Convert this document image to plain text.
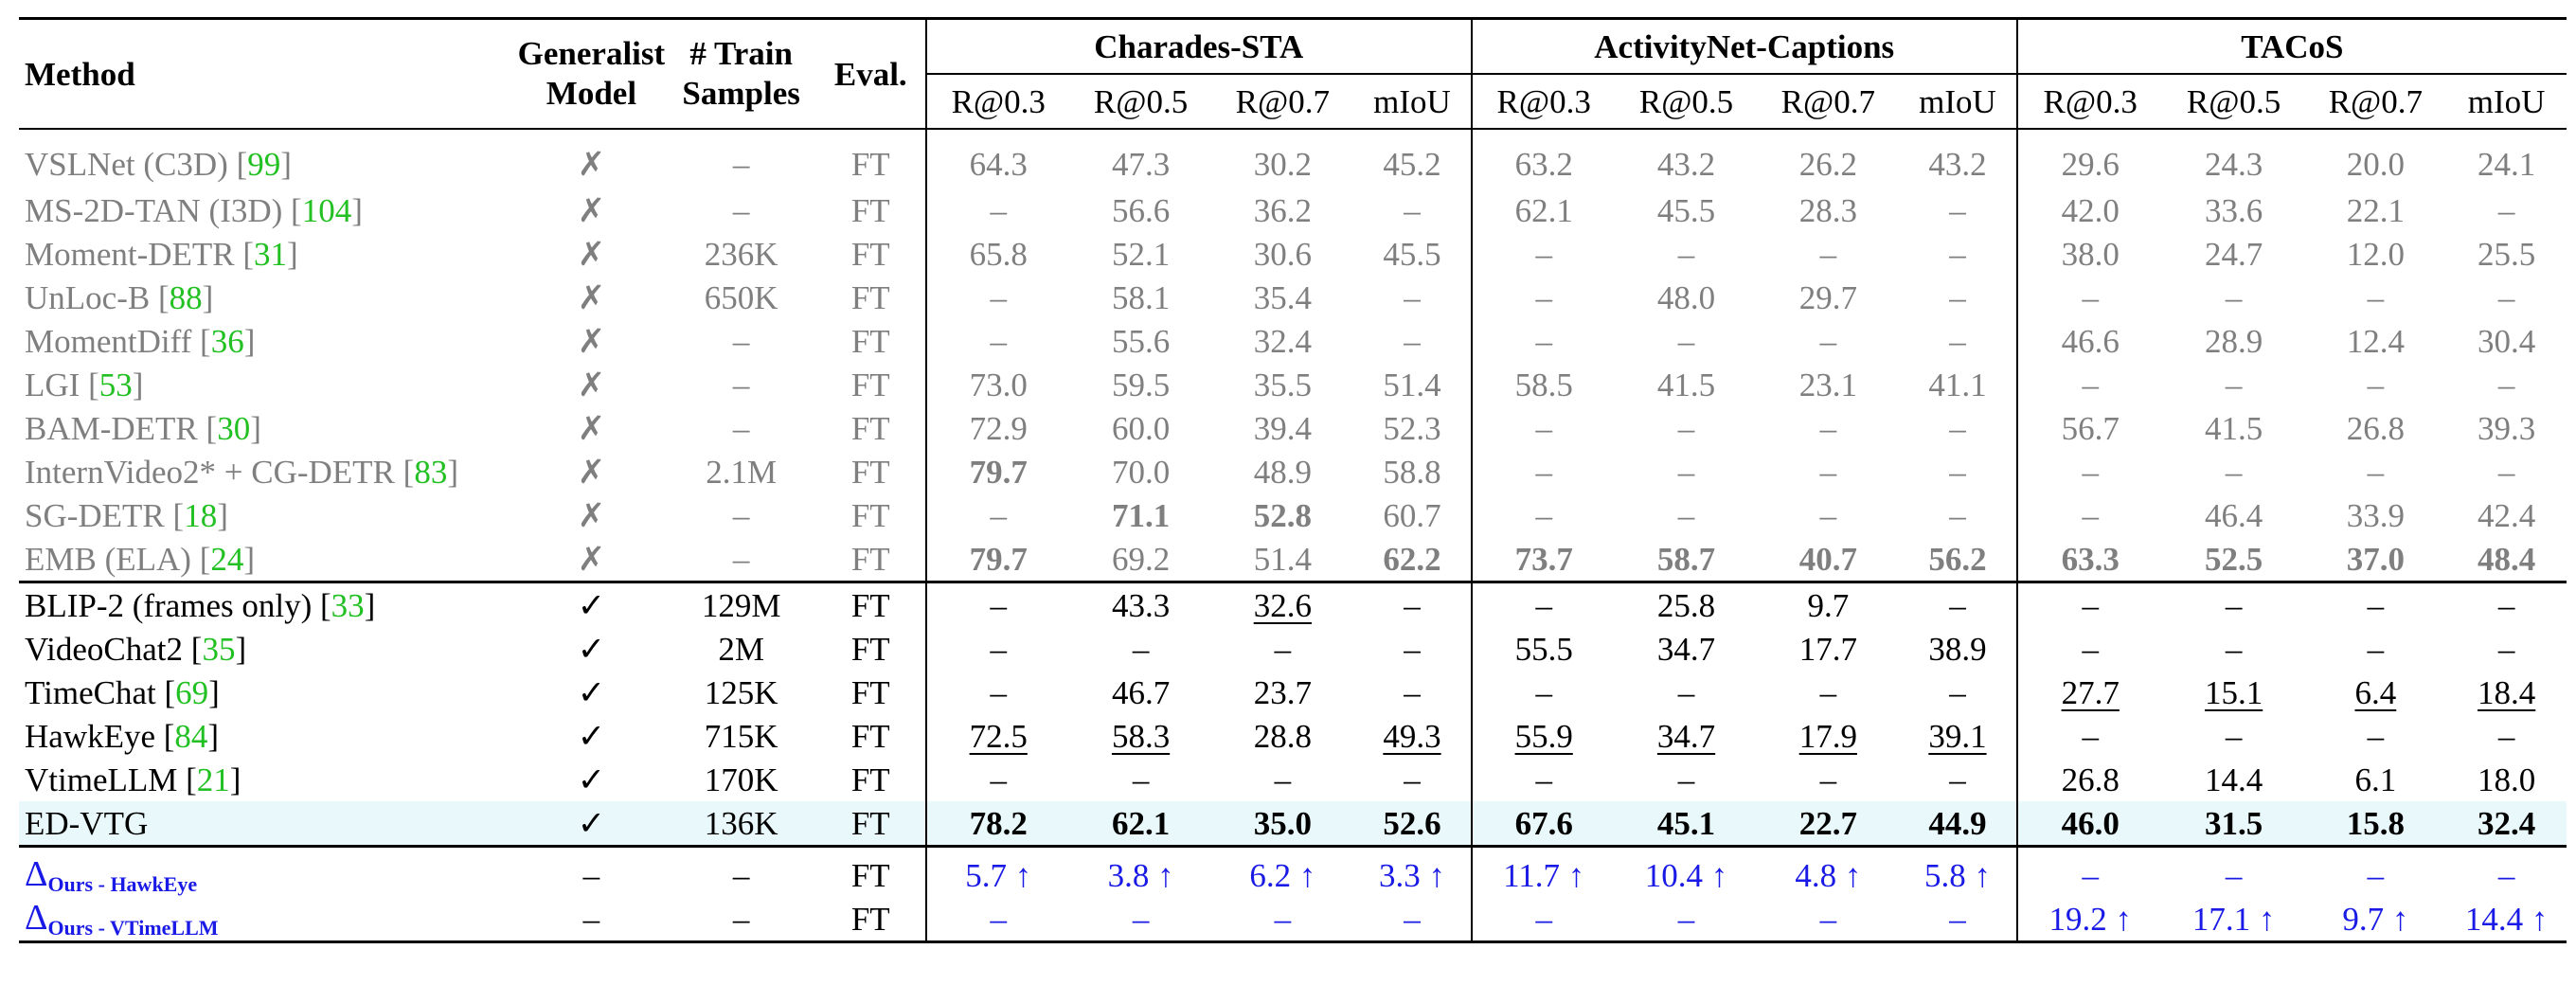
Method	Generalist Model	# Train Samples	Eval.	Charades-STA				ActivityNet-Captions				TACoS			
				R@0.3	R@0.5	R@0.7	mIoU	R@0.3	R@0.5	R@0.7	mIoU	R@0.3	R@0.5	R@0.7	mIoU
VSLNet (C3D) [99]	✗	–	FT	64.3	47.3	30.2	45.2	63.2	43.2	26.2	43.2	29.6	24.3	20.0	24.1
MS-2D-TAN (I3D) [104]	✗	–	FT	–	56.6	36.2	–	62.1	45.5	28.3	–	42.0	33.6	22.1	–
Moment-DETR [31]	✗	236K	FT	65.8	52.1	30.6	45.5	–	–	–	–	38.0	24.7	12.0	25.5
UnLoc-B [88]	✗	650K	FT	–	58.1	35.4	–	–	48.0	29.7	–	–	–	–	–
MomentDiff [36]	✗	–	FT	–	55.6	32.4	–	–	–	–	–	46.6	28.9	12.4	30.4
LGI [53]	✗	–	FT	73.0	59.5	35.5	51.4	58.5	41.5	23.1	41.1	–	–	–	–
BAM-DETR [30]	✗	–	FT	72.9	60.0	39.4	52.3	–	–	–	–	56.7	41.5	26.8	39.3
InternVideo2* + CG-DETR [83]	✗	2.1M	FT	79.7	70.0	48.9	58.8	–	–	–	–	–	–	–	–
SG-DETR [18]	✗	–	FT	–	71.1	52.8	60.7	–	–	–	–	–	46.4	33.9	42.4
EMB (ELA) [24]	✗	–	FT	79.7	69.2	51.4	62.2	73.7	58.7	40.7	56.2	63.3	52.5	37.0	48.4
BLIP-2 (frames only) [33]	✓	129M	FT	–	43.3	32.6	–	–	25.8	9.7	–	–	–	–	–
VideoChat2 [35]	✓	2M	FT	–	–	–	–	55.5	34.7	17.7	38.9	–	–	–	–
TimeChat [69]	✓	125K	FT	–	46.7	23.7	–	–	–	–	–	27.7	15.1	6.4	18.4
HawkEye [84]	✓	715K	FT	72.5	58.3	28.8	49.3	55.9	34.7	17.9	39.1	–	–	–	–
VtimeLLM [21]	✓	170K	FT	–	–	–	–	–	–	–	–	26.8	14.4	6.1	18.0
ED-VTG	✓	136K	FT	78.2	62.1	35.0	52.6	67.6	45.1	22.7	44.9	46.0	31.5	15.8	32.4
$\Delta_{Ours - HawkEye}$	–	–	FT	5.7 ↑	3.8 ↑	6.2 ↑	3.3 ↑	11.7 ↑	10.4 ↑	4.8 ↑	5.8 ↑	–	–	–	–
$\Delta_{Ours - VTimeLLM}$	–	–	FT	–	–	–	–	–	–	–	–	19.2 ↑	17.1 ↑	9.7 ↑	14.4 ↑
